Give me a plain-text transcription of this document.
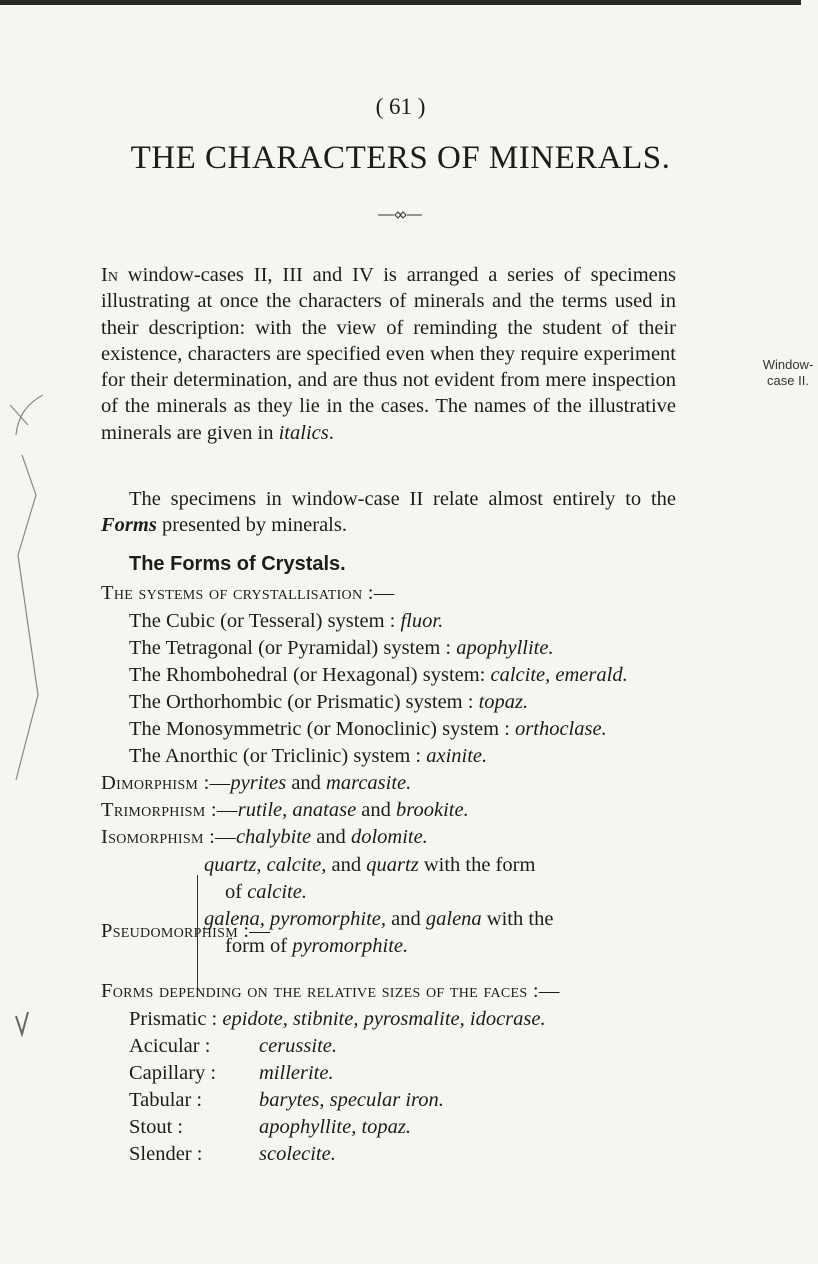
( 61 )
THE CHARACTERS OF MINERALS.
In window-cases II, III and IV is arranged a series of specimens illustrating at once the characters of minerals and the terms used in their description: with the view of reminding the student of their existence, characters are specified even when they require experiment for their determination, and are thus not evident from mere inspection of the minerals as they lie in the cases. The names of the illustrative minerals are given in italics.
The specimens in window-case II relate almost entirely to the Forms presented by minerals.
Window-case II.
The Forms of Crystals.
The systems of crystallisation :—
The Cubic (or Tesseral) system : fluor.
The Tetragonal (or Pyramidal) system : apophyllite.
The Rhombohedral (or Hexagonal) system: calcite, emerald.
The Orthorhombic (or Prismatic) system : topaz.
The Monosymmetric (or Monoclinic) system : orthoclase.
The Anorthic (or Triclinic) system : axinite.
Dimorphism :—pyrites and marcasite.
Trimorphism :—rutile, anatase and brookite.
Isomorphism :—chalybite and dolomite.
Pseudomorphism :—
quartz, calcite, and quartz with the form
of calcite.
galena, pyromorphite, and galena with the
form of pyromorphite.
Forms depending on the relative sizes of the faces :—
Prismatic : epidote, stibnite, pyrosmalite, idocrase.
Acicular : cerussite.
Capillary : millerite.
Tabular :	barytes, specular iron.
Stout :	apophyllite, topaz.
Slender :	scolecite.
